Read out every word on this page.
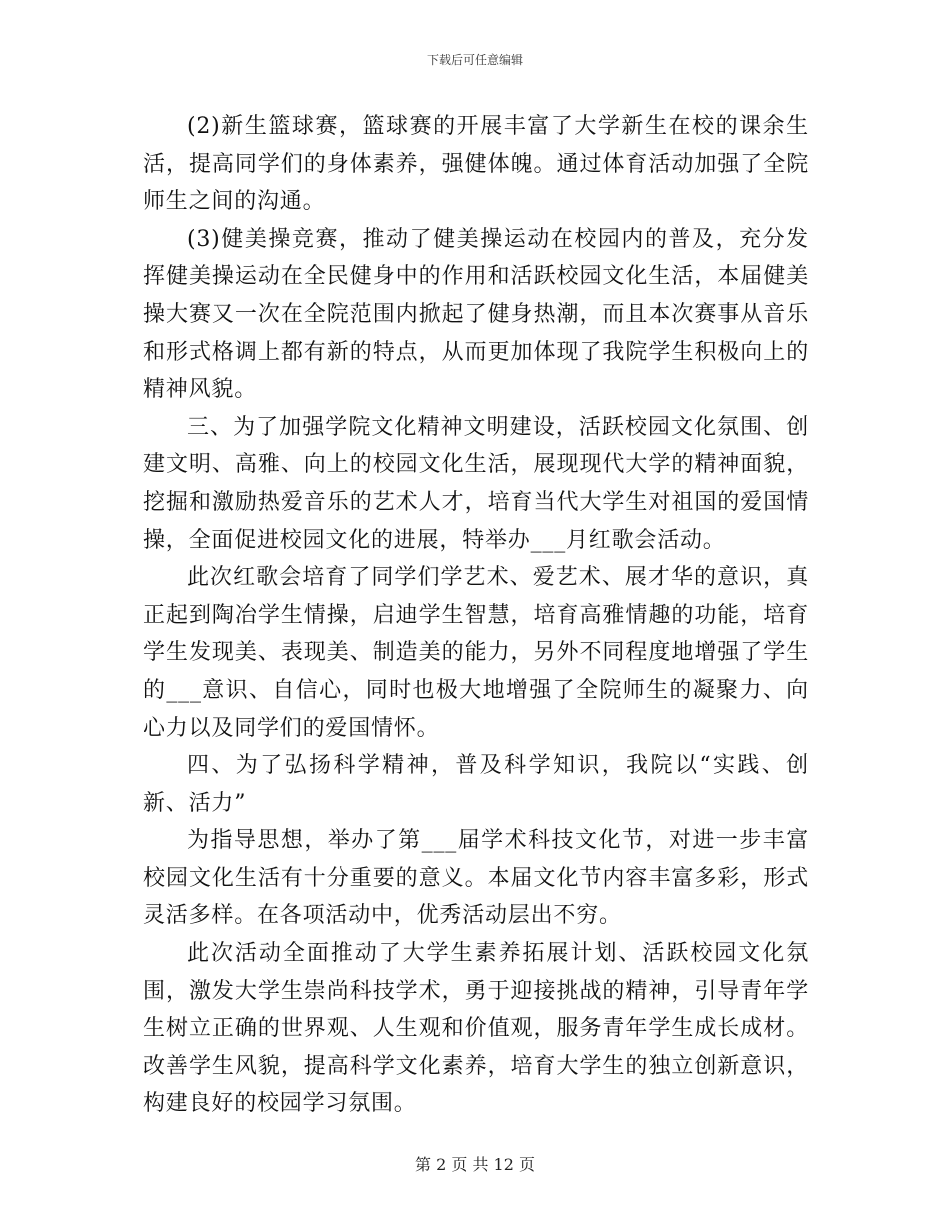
下载后可任意编辑

(2)新生篮球赛，篮球赛的开展丰富了大学新生在校的课余生活，提高同学们的身体素养，强健体魄。通过体育活动加强了全院师生之间的沟通。

(3)健美操竞赛，推动了健美操运动在校园内的普及，充分发挥健美操运动在全民健身中的作用和活跃校园文化生活，本届健美操大赛又一次在全院范围内掀起了健身热潮，而且本次赛事从音乐和形式格调上都有新的特点，从而更加体现了我院学生积极向上的精神风貌。

三、为了加强学院文化精神文明建设，活跃校园文化氛围、创建文明、高雅、向上的校园文化生活，展现现代大学的精神面貌，挖掘和激励热爱音乐的艺术人才，培育当代大学生对祖国的爱国情操，全面促进校园文化的进展，特举办___月红歌会活动。

此次红歌会培育了同学们学艺术、爱艺术、展才华的意识，真正起到陶冶学生情操，启迪学生智慧，培育高雅情趣的功能，培育学生发现美、表现美、制造美的能力，另外不同程度地增强了学生的___意识、自信心，同时也极大地增强了全院师生的凝聚力、向心力以及同学们的爱国情怀。

四、为了弘扬科学精神，普及科学知识，我院以“实践、创新、活力”

为指导思想，举办了第___届学术科技文化节，对进一步丰富校园文化生活有十分重要的意义。本届文化节内容丰富多彩，形式灵活多样。在各项活动中，优秀活动层出不穷。

此次活动全面推动了大学生素养拓展计划、活跃校园文化氛围，激发大学生崇尚科技学术，勇于迎接挑战的精神，引导青年学生树立正确的世界观、人生观和价值观，服务青年学生成长成材。改善学生风貌，提高科学文化素养，培育大学生的独立创新意识，构建良好的校园学习氛围。

第 2 页 共 12 页
